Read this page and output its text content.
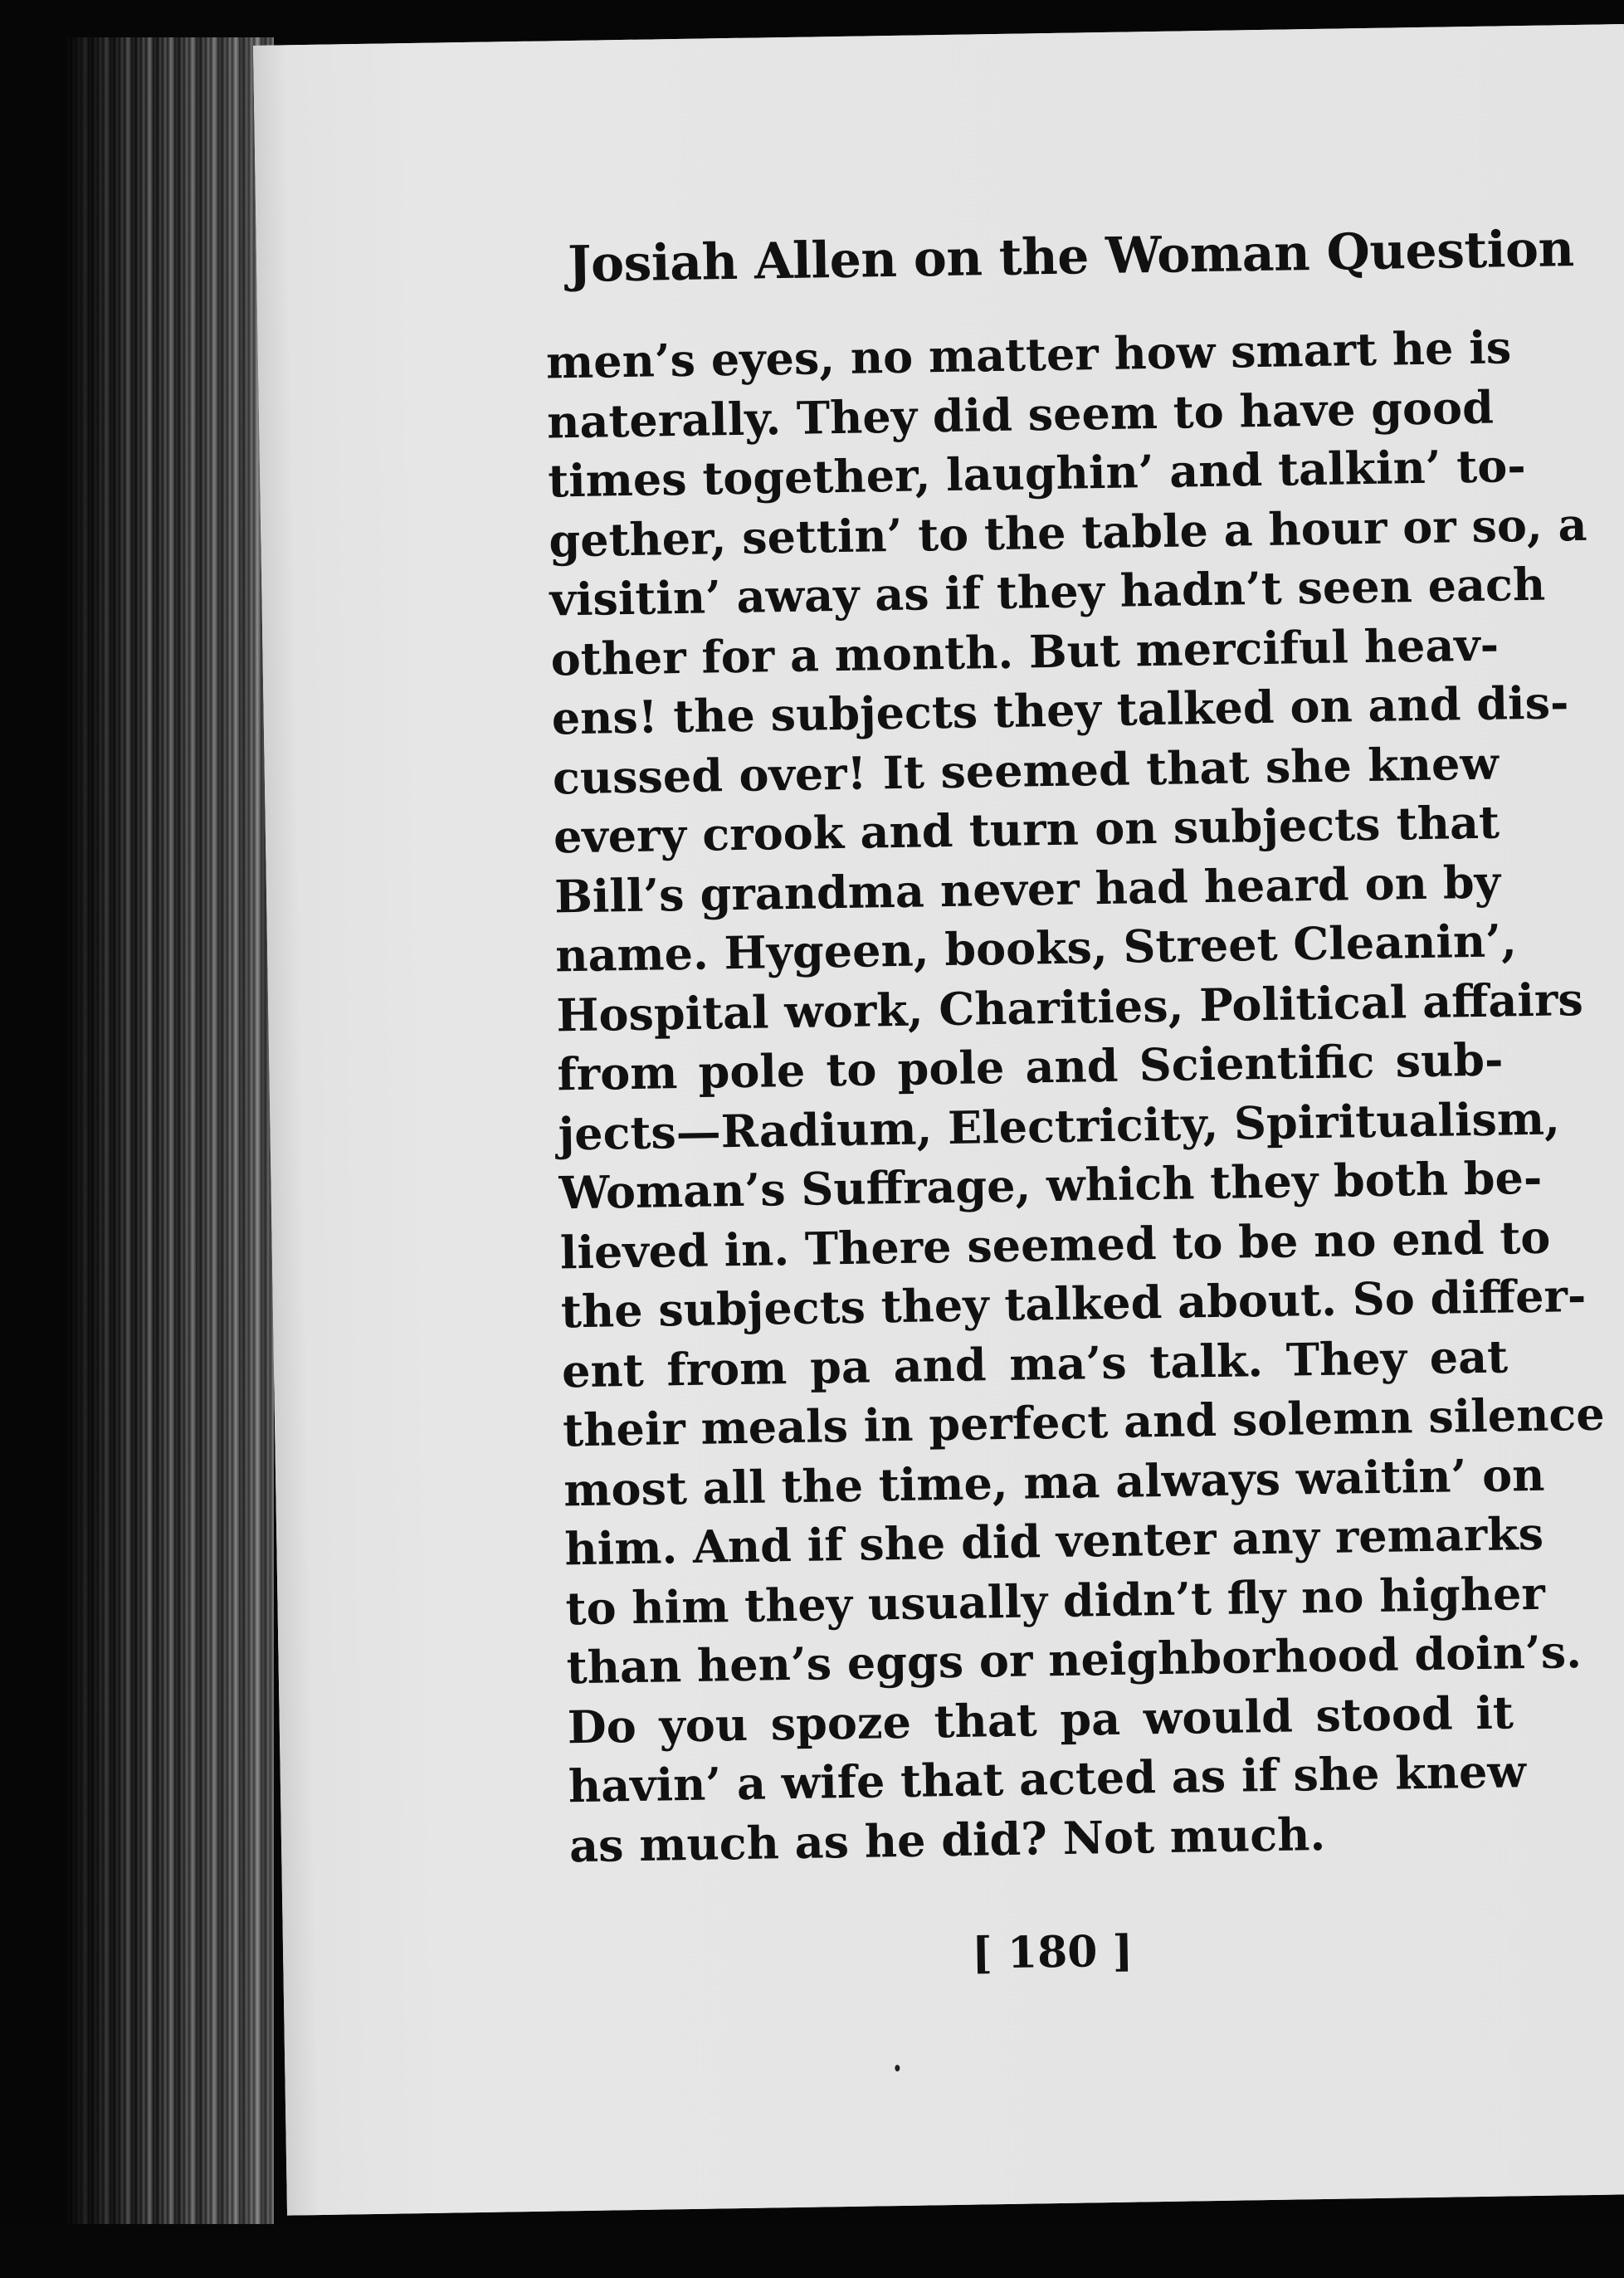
Josiah Allen on the Woman Question
men’s eyes, no matter how smart he is
naterally. They did seem to have good
times together, laughin’ and talkin’ to-
gether, settin’ to the table a hour or so, a
visitin’ away as if they hadn’t seen each
other for a month. But merciful heav-
ens! the subjects they talked on and dis-
cussed over! It seemed that she knew
every crook and turn on subjects that
Bill’s grandma never had heard on by
name. Hygeen, books, Street Cleanin’,
Hospital work, Charities, Political affairs
from pole to pole and Scientific sub-
jects—Radium, Electricity, Spiritualism,
Woman’s Suffrage, which they both be-
lieved in. There seemed to be no end to
the subjects they talked about. So differ-
ent from pa and ma’s talk. They eat
their meals in perfect and solemn silence
most all the time, ma always waitin’ on
him. And if she did venter any remarks
to him they usually didn’t fly no higher
than hen’s eggs or neighborhood doin’s.
Do you spoze that pa would stood it
havin’ a wife that acted as if she knew
as much as he did? Not much.
[ 180 ]
